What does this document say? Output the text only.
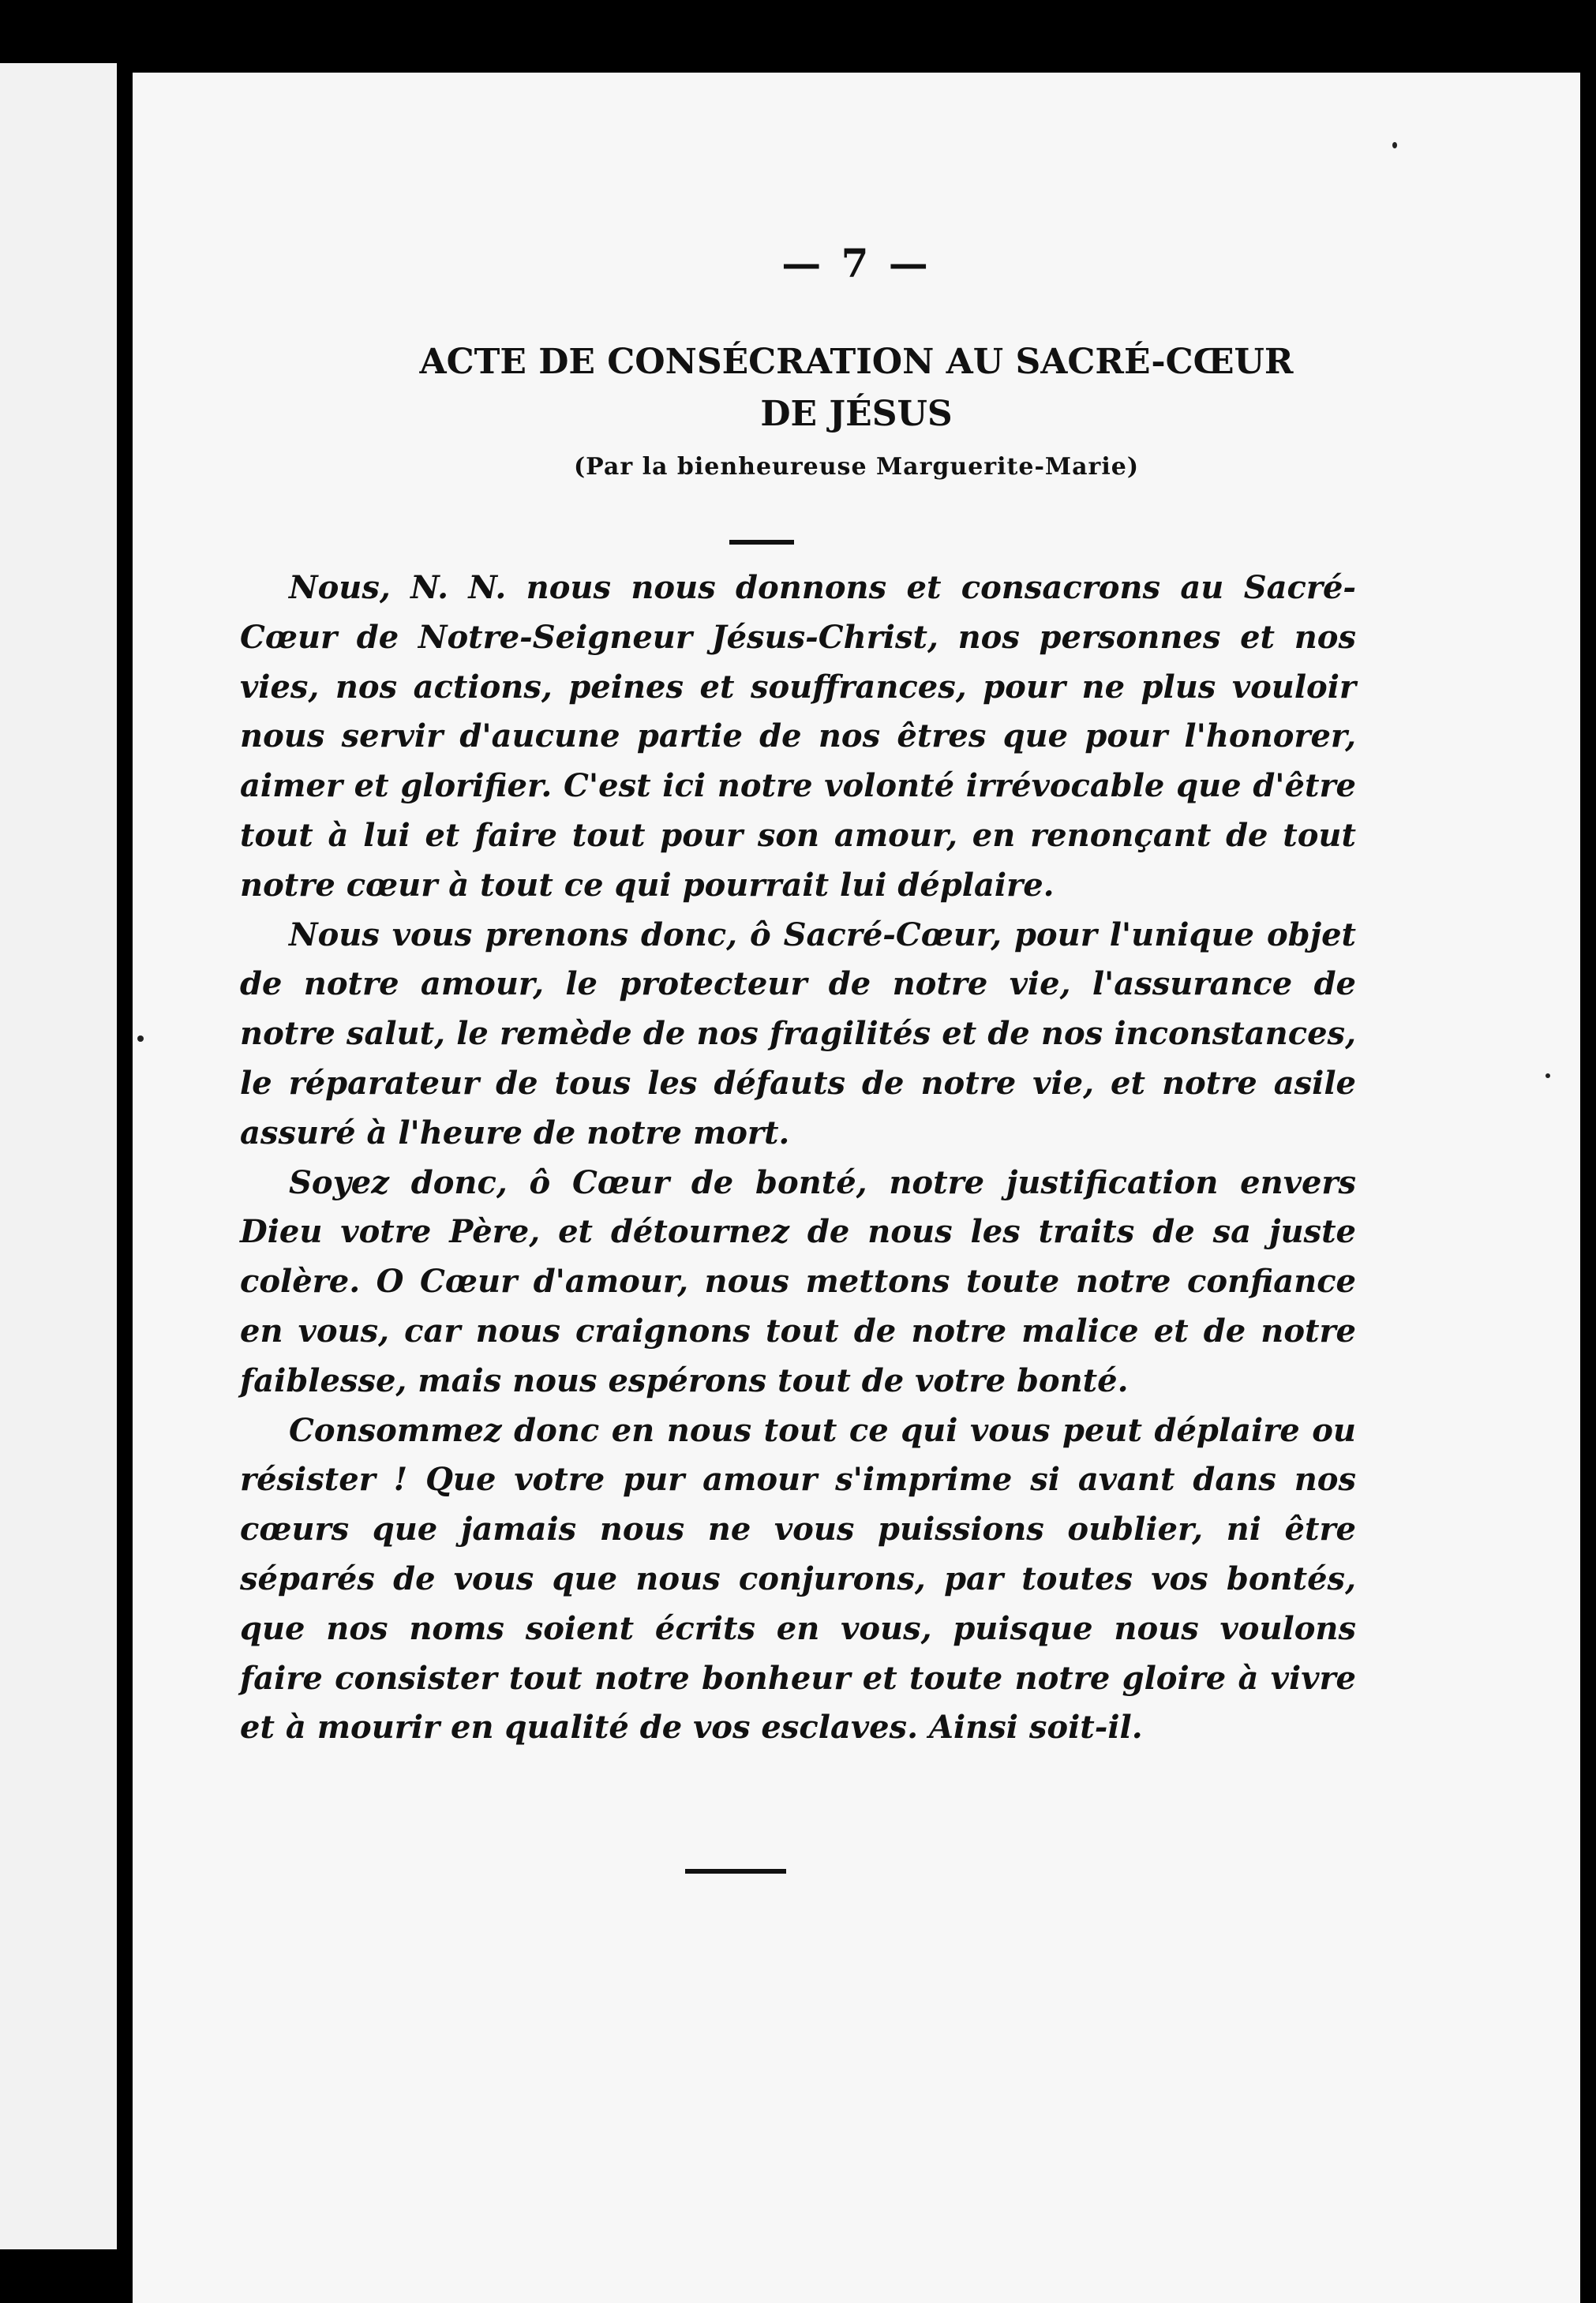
— 7 —
ACTE DE CONSÉCRATION AU SACRÉ-CŒUR
DE JÉSUS
(Par la bienheureuse Marguerite-Marie)

Nous, N. N. nous nous donnons et consacrons au Sacré-Cœur de Notre-Seigneur Jésus-Christ, nos personnes et nos vies, nos actions, peines et souffrances, pour ne plus vouloir nous servir d'aucune partie de nos êtres que pour l'honorer, aimer et glorifier. C'est ici notre volonté irrévocable que d'être tout à lui et faire tout pour son amour, en renonçant de tout notre cœur à tout ce qui pourrait lui déplaire.

Nous vous prenons donc, ô Sacré-Cœur, pour l'unique objet de notre amour, le protecteur de notre vie, l'assurance de notre salut, le remède de nos fragilités et de nos inconstances, le réparateur de tous les défauts de notre vie, et notre asile assuré à l'heure de notre mort.

Soyez donc, ô Cœur de bonté, notre justification envers Dieu votre Père, et détournez de nous les traits de sa juste colère. O Cœur d'amour, nous mettons toute notre confiance en vous, car nous craignons tout de notre malice et de notre faiblesse, mais nous espérons tout de votre bonté.

Consommez donc en nous tout ce qui vous peut déplaire ou résister ! Que votre pur amour s'imprime si avant dans nos cœurs que jamais nous ne vous puissions oublier, ni être séparés de vous que nous conjurons, par toutes vos bontés, que nos noms soient écrits en vous, puisque nous voulons faire consister tout notre bonheur et toute notre gloire à vivre et à mourir en qualité de vos esclaves. Ainsi soit-il.
